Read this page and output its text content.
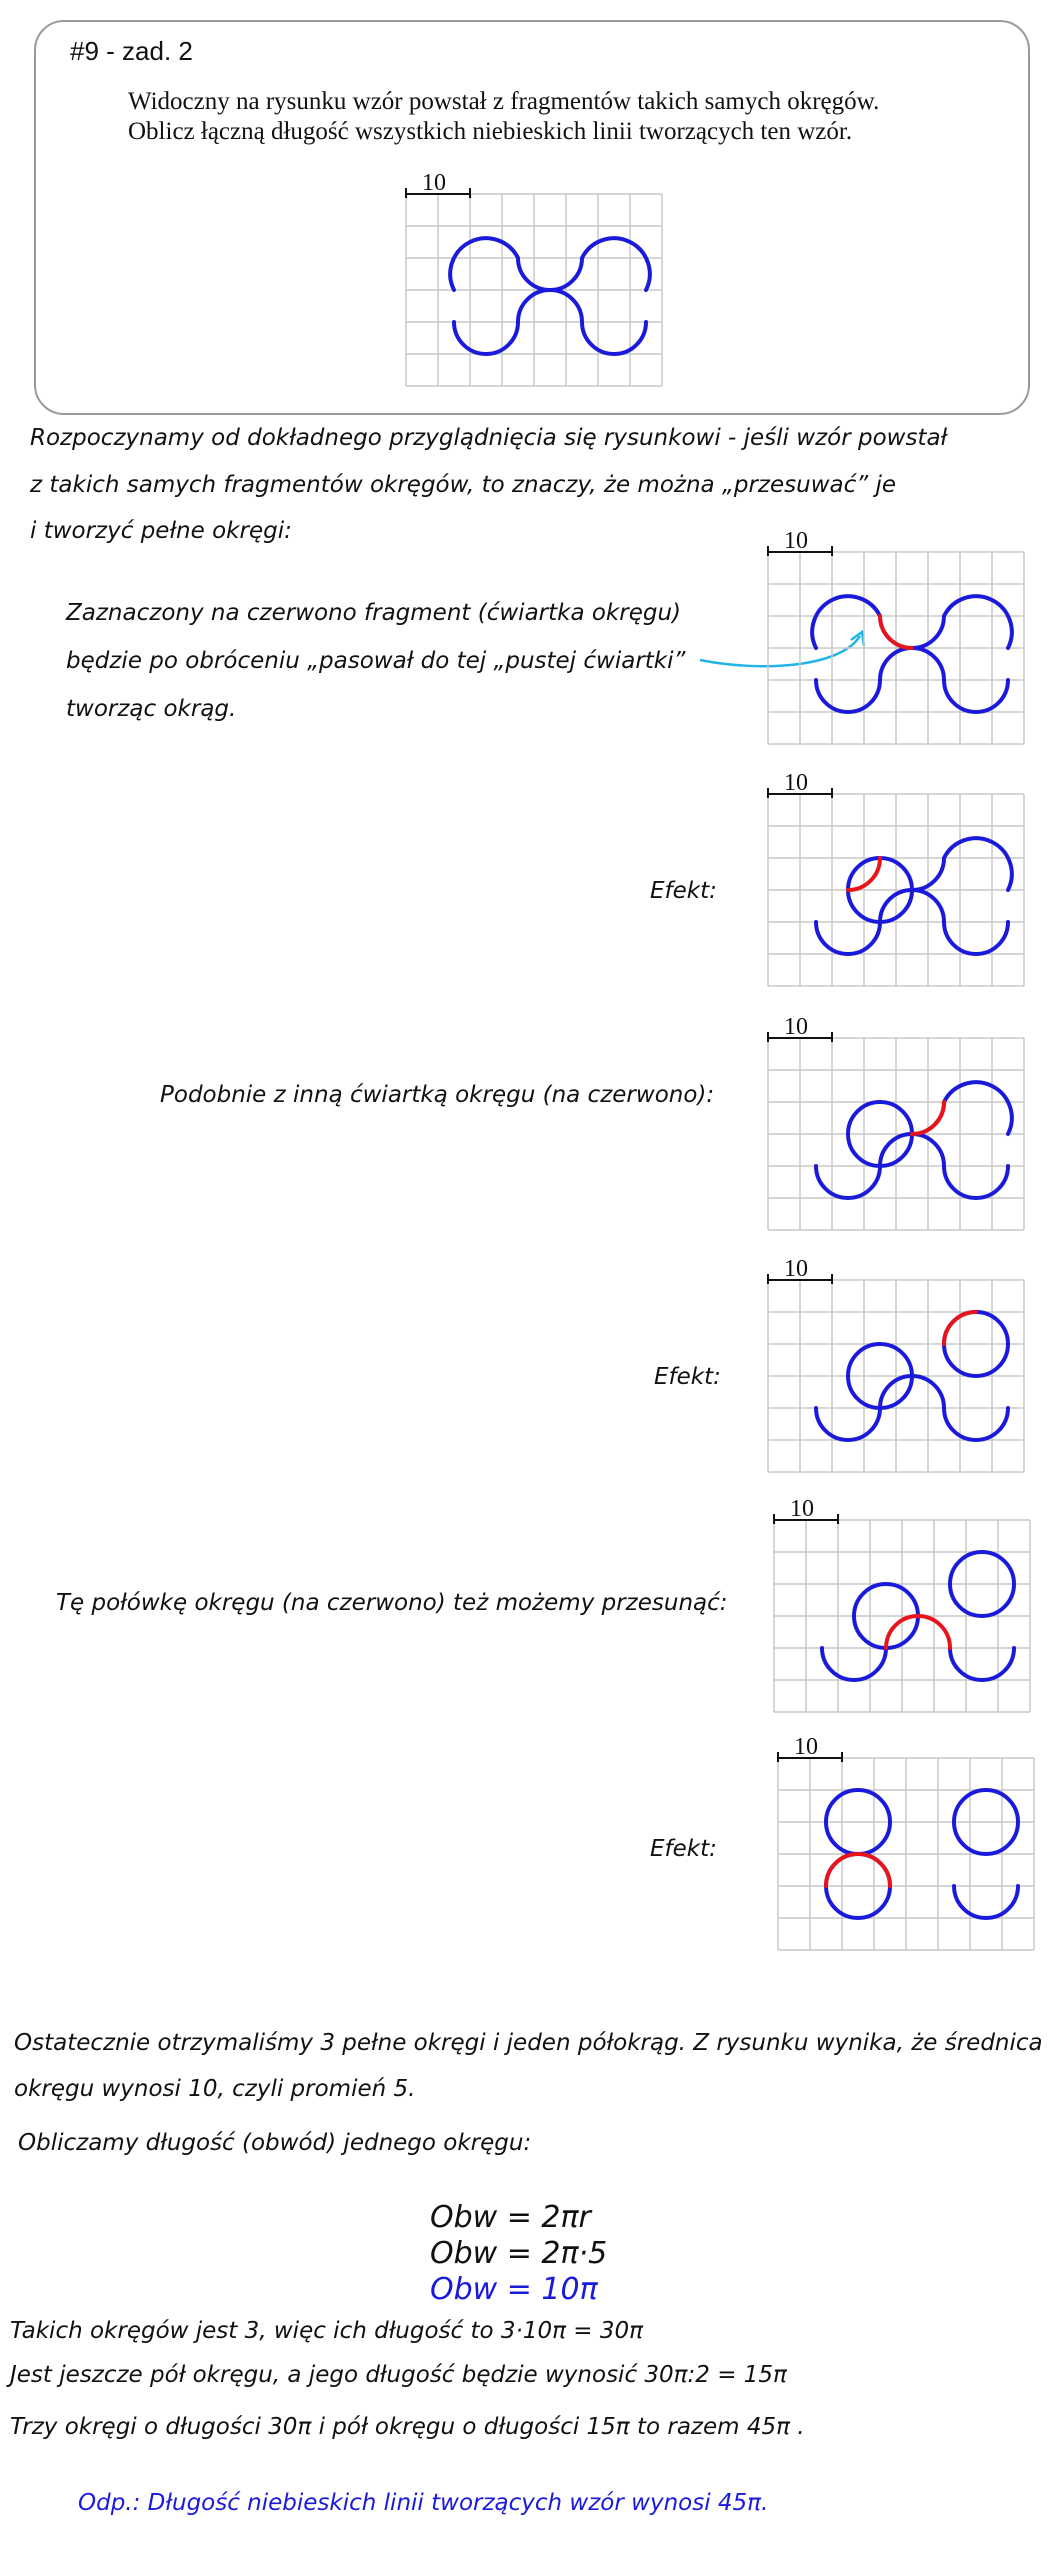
#9 - zad. 2
Widoczny na rysunku wzór powstał z fragmentów takich samych okręgów.
Oblicz łączną długość wszystkich niebieskich linii tworzących ten wzór.
10
Rozpoczynamy od dokładnego przyglądnięcia się rysunkowi - jeśli wzór powstał
z takich samych fragmentów okręgów, to znaczy, że można „przesuwać” je
i tworzyć pełne okręgi:
Zaznaczony na czerwono fragment (ćwiartka okręgu)
będzie po obróceniu „pasował do tej „pustej ćwiartki”
tworząc okrąg.
10
Efekt:
10
Podobnie z inną ćwiartką okręgu (na czerwono):
10
Efekt:
10
Tę połówkę okręgu (na czerwono) też możemy przesunąć:
10
Efekt:
10
Ostatecznie otrzymaliśmy 3 pełne okręgi i jeden półokrąg. Z rysunku wynika, że średnica
okręgu wynosi 10, czyli promień 5.
Obliczamy długość (obwód) jednego okręgu:
Obw = 2πr
Obw = 2π·5
Obw = 10π
Takich okręgów jest 3, więc ich długość to 3·10π = 30π
Jest jeszcze pół okręgu, a jego długość będzie wynosić 30π:2 = 15π
Trzy okręgi o długości 30π i pół okręgu o długości 15π to razem 45π .
Odp.: Długość niebieskich linii tworzących wzór wynosi 45π.
